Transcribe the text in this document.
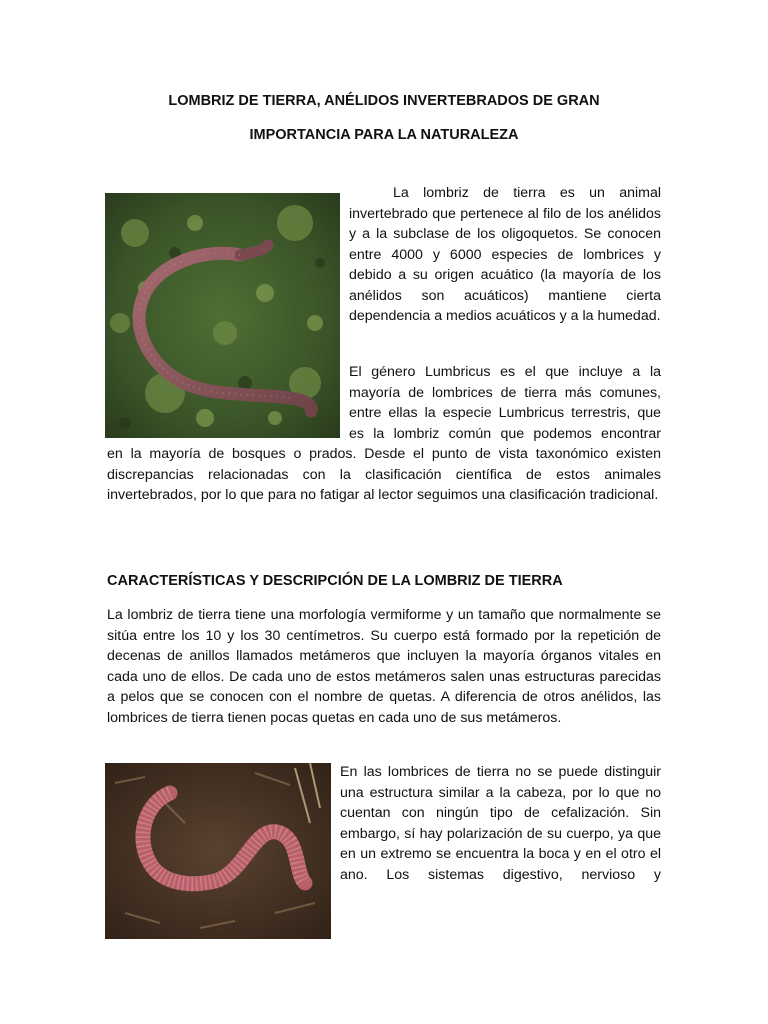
LOMBRIZ DE TIERRA, ANÉLIDOS INVERTEBRADOS DE GRAN
IMPORTANCIA PARA LA NATURALEZA

La lombriz de tierra es un animal invertebrado que pertenece al filo de los anélidos y a la subclase de los oligoquetos. Se conocen entre 4000 y 6000 especies de lombrices y debido a su origen acuático (la mayoría de los anélidos son acuáticos) mantiene cierta dependencia a medios acuáticos y a la humedad.

El género Lumbricus es el que incluye a la mayoría de lombrices de tierra más comunes, entre ellas la especie Lumbricus terrestris, que es la lombriz común que podemos encontrar

en la mayoría de bosques o prados. Desde el punto de vista taxonómico existen discrepancias relacionadas con la clasificación científica de estos animales invertebrados, por lo que para no fatigar al lector seguimos una clasificación tradicional.

CARACTERÍSTICAS Y DESCRIPCIÓN DE LA LOMBRIZ DE TIERRA

La lombriz de tierra tiene una morfología vermiforme y un tamaño que normalmente se sitúa entre los 10 y los 30 centímetros. Su cuerpo está formado por la repetición de decenas de anillos llamados metámeros que incluyen la mayoría órganos vitales en cada uno de ellos. De cada uno de estos metámeros salen unas estructuras parecidas a pelos que se conocen con el nombre de quetas. A diferencia de otros anélidos, las lombrices de tierra tienen pocas quetas en cada uno de sus metámeros.

En las lombrices de tierra no se puede distinguir una estructura similar a la cabeza, por lo que no cuentan con ningún tipo de cefalización. Sin embargo, sí hay polarización de su cuerpo, ya que en un extremo se encuentra la boca y en el otro el ano. Los sistemas digestivo, nervioso y
